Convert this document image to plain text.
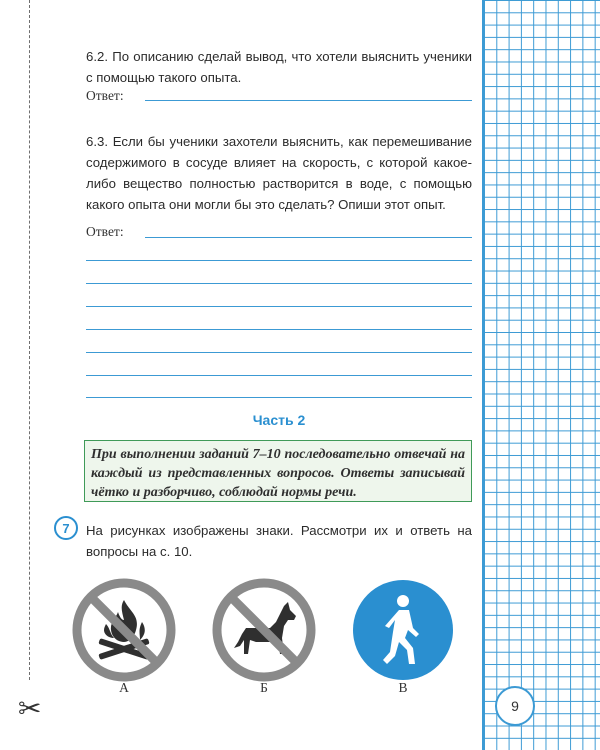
✂

6.2. По описанию сделай вывод, что хотели выяснить ученики с помощью такого опыта.

Ответ:

6.3. Если бы ученики захотели выяснить, как перемешивание содержимого в сосуде влияет на скорость, с которой какое-либо вещество полностью растворится в воде, с помощью какого опыта они могли бы это сделать? Опиши этот опыт.

Ответ:
Часть 2
При выполнении заданий 7–10 последовательно отвечай на каждый из представленных вопросов. Ответы записывай чётко и разборчиво, соблюдай нормы речи.
7	На рисунках изображены знаки. Рассмотри их и ответь на вопросы на с. 10.

А	Б	В
9
